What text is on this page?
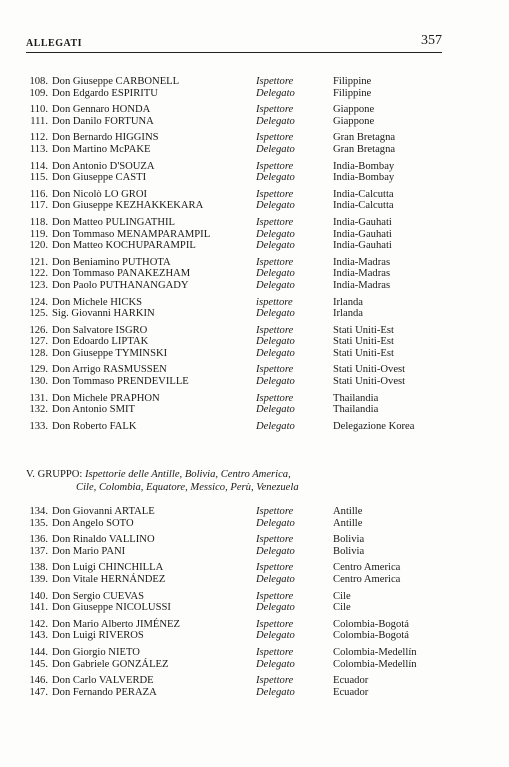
ALLEGATI	357
108. Don Giuseppe CARBONELL	Ispettore	Filippine
109. Don Edgardo ESPIRITU	Delegato	Filippine
110. Don Gennaro HONDA	Ispettore	Giappone
111. Don Danilo FORTUNA	Delegato	Giappone
112. Don Bernardo HIGGINS	Ispettore	Gran Bretagna
113. Don Martino McPAKE	Delegato	Gran Bretagna
114. Don Antonio D'SOUZA	Ispettore	India-Bombay
115. Don Giuseppe CASTI	Delegato	India-Bombay
116. Don Nicolò LO GROI	Ispettore	India-Calcutta
117. Don Giuseppe KEZHAKKEKARA	Delegato	India-Calcutta
118. Don Matteo PULINGATHIL	Ispettore	India-Gauhati
119. Don Tommaso MENAMPARAMPIL	Delegato	India-Gauhati
120. Don Matteo KOCHUPARAMPIL	Delegato	India-Gauhati
121. Don Beniamino PUTHOTA	Ispettore	India-Madras
122. Don Tommaso PANAKEZHAM	Delegato	India-Madras
123. Don Paolo PUTHANANGADY	Delegato	India-Madras
124. Don Michele HICKS	ispettore	Irlanda
125. Sig. Giovanni HARKIN	Delegato	Irlanda
126. Don Salvatore ISGRO	Ispettore	Stati Uniti-Est
127. Don Edoardo LIPTAK	Delegato	Stati Uniti-Est
128. Don Giuseppe TYMINSKI	Delegato	Stati Uniti-Est
129. Don Arrigo RASMUSSEN	Ispettore	Stati Uniti-Ovest
130. Don Tommaso PRENDEVILLE	Delegato	Stati Uniti-Ovest
131. Don Michele PRAPHON	Ispettore	Thailandia
132. Don Antonio SMIT	Delegato	Thailandia
133. Don Roberto FALK	Delegato	Delegazione Korea
V. GRUPPO: Ispettorie delle Antille, Bolivia, Centro America,
Cile, Colombia, Equatore, Messico, Perù, Venezuela
134. Don Giovanni ARTALE	Ispettore	Antille
135. Don Angelo SOTO	Delegato	Antille
136. Don Rinaldo VALLINO	Ispettore	Bolivia
137. Don Mario PANI	Delegato	Bolivia
138. Don Luigi CHINCHILLA	Ispettore	Centro America
139. Don Vitale HERNÁNDEZ	Delegato	Centro America
140. Don Sergio CUEVAS	Ispettore	Cile
141. Don Giuseppe NICOLUSSI	Delegato	Cile
142. Don Mario Alberto JIMÉNEZ	Ispettore	Colombia-Bogotá
143. Don Luigi RIVEROS	Delegato	Colombia-Bogotá
144. Don Giorgio NIETO	Ispettore	Colombia-Medellín
145. Don Gabriele GONZÁLEZ	Delegato	Colombia-Medellín
146. Don Carlo VALVERDE	Ispettore	Ecuador
147. Don Fernando PERAZA	Delegato	Ecuador
